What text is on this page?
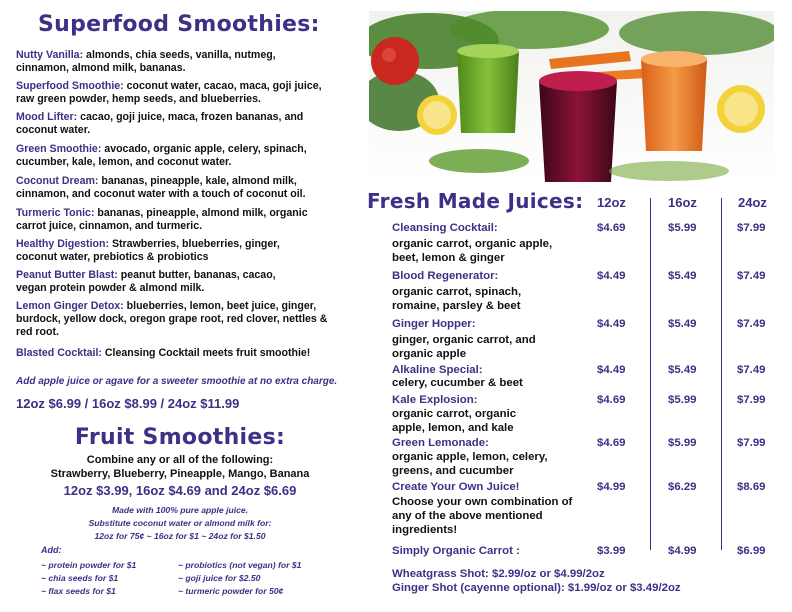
Superfood Smoothies:

Nutty Vanilla: almonds, chia seeds, vanilla, nutmeg, cinnamon, almond milk, bananas.

Superfood Smoothie: coconut water, cacao, maca, goji juice, raw green powder, hemp seeds, and blueberries.

Mood Lifter: cacao, goji juice, maca, frozen bananas, and coconut water.

Green Smoothie: avocado, organic apple, celery, spinach, cucumber, kale, lemon, and coconut water.

Coconut Dream: bananas, pineapple, kale, almond milk, cinnamon, and coconut water with a touch of coconut oil.

Turmeric Tonic: bananas, pineapple, almond milk, organic carrot juice, cinnamon, and turmeric.

Healthy Digestion: Strawberries, blueberries, ginger, coconut water, prebiotics & probiotics

Peanut Butter Blast: peanut butter, bananas, cacao, vegan protein powder & almond milk.

Lemon Ginger Detox: blueberries, lemon, beet juice, ginger, burdock, yellow dock, oregon grape root, red clover, nettles & red root.

Blasted Cocktail: Cleansing Cocktail meets fruit smoothie!

Add apple juice or agave for a sweeter smoothie at no extra charge.
12oz $6.99 / 16oz $8.99 / 24oz $11.99
Fruit Smoothies:
Combine any or all of the following:
Strawberry, Blueberry, Pineapple, Mango, Banana
12oz $3.99, 16oz $4.69 and 24oz $6.69
Made with 100% pure apple juice.
Substitute coconut water or almond milk for:
12oz for 75¢ ~ 16oz for $1 ~ 24oz for $1.50
Add:
~ protein powder for $1
~ chia seeds for $1
~ flax seeds for $1
~ probiotics (not vegan) for $1
~ goji juice for $2.50
~ turmeric powder for 50¢
Fresh Made Juices: 12oz	16oz	24oz
Cleansing Cocktail:
organic carrot, organic apple, beet, lemon & ginger
$4.69	$5.99	$7.99
Blood Regenerator:
organic carrot, spinach, romaine, parsley & beet
$4.49	$5.49	$7.49
Ginger Hopper:
ginger, organic carrot, and organic apple
$4.49	$5.49	$7.49
Alkaline Special:
celery, cucumber & beet
$4.49	$5.49	$7.49
Kale Explosion:
organic carrot, organic apple, lemon, and kale
$4.69	$5.99	$7.99
Green Lemonade:
organic apple, lemon, celery, greens, and cucumber
$4.69	$5.99	$7.99
Create Your Own Juice!
Choose your own combination of any of the above mentioned ingredients!
$4.99	$6.29	$8.69
Simply Organic Carrot :	$3.99	$4.99	$6.99
Wheatgrass Shot: $2.99/oz or $4.99/2oz
Ginger Shot (cayenne optional): $1.99/oz or $3.49/2oz
